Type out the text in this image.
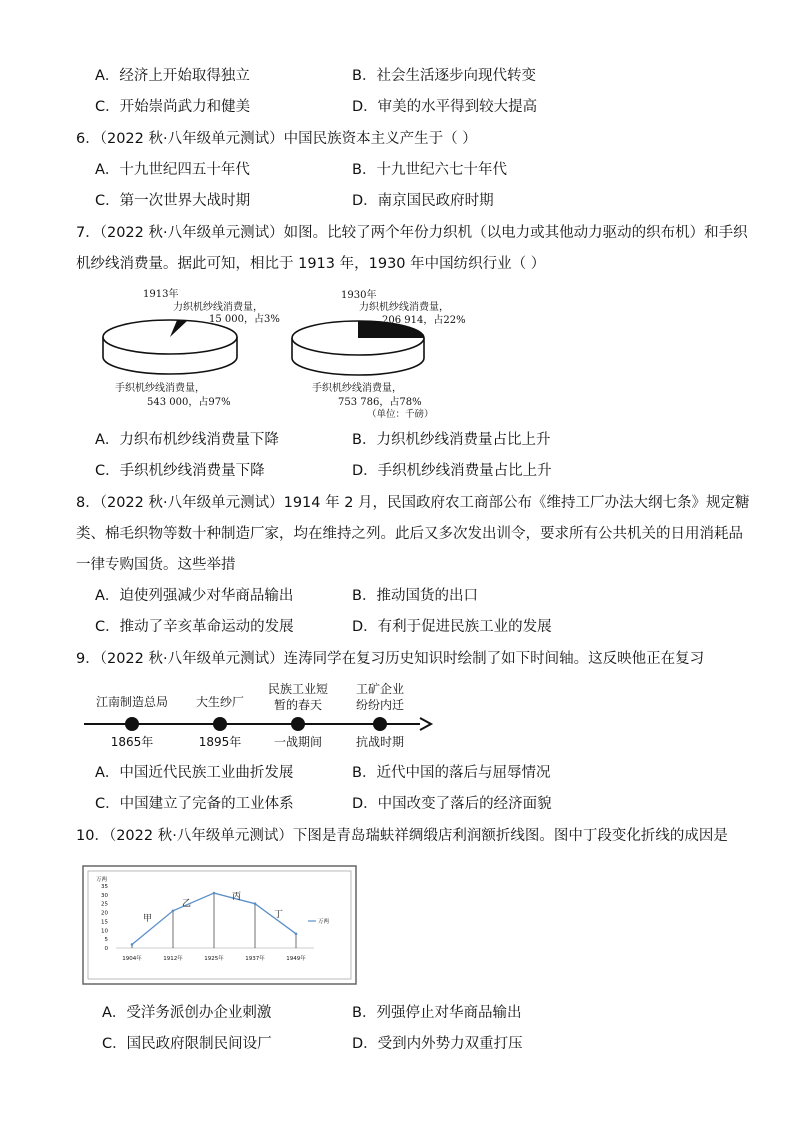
A．经济上开始取得独立	B．社会生活逐步向现代转变
C．开始崇尚武力和健美	D．审美的水平得到较大提高
6．（2022 秋·八年级单元测试）中国民族资本主义产生于（ ）
A．十九世纪四五十年代	B．十九世纪六七十年代
C．第一次世界大战时期	D．南京国民政府时期
7．（2022 秋·八年级单元测试）如图。比较了两个年份力织机（以电力或其他动力驱动的织布机）和手织
机纱线消费量。据此可知，相比于 1913 年，1930 年中国纺织行业（ ）
1913年
力织机纱线消费量，
15 000，占3%
手织机纱线消费量，
543 000，占97%
1930年
力织机纱线消费量，
206 914，占22%
手织机纱线消费量，
753 786，占78%
（单位：千磅）
A．力织布机纱线消费量下降	B．力织机纱线消费量占比上升
C．手织机纱线消费量下降	D．手织机纱线消费量占比上升
8．（2022 秋·八年级单元测试）1914 年 2 月，民国政府农工商部公布《维持工厂办法大纲七条》规定糖
类、棉毛织物等数十种制造厂家，均在维持之列。此后又多次发出训令，要求所有公共机关的日用消耗品
一律专购国货。这些举措
A．迫使列强减少对华商品输出	B．推动国货的出口
C．推动了辛亥革命运动的发展	D．有利于促进民族工业的发展
9．（2022 秋·八年级单元测试）连涛同学在复习历史知识时绘制了如下时间轴。这反映他正在复习
江南制造总局
1865年
大生纱厂
1895年
民族工业短
暂的春天
一战期间
工矿企业
纷纷内迁
抗战时期
A．中国近代民族工业曲折发展	B．近代中国的落后与屈辱情况
C．中国建立了完备的工业体系	D．中国改变了落后的经济面貌
10．（2022 秋·八年级单元测试）下图是青岛瑞蚨祥绸缎店利润额折线图。图中丁段变化折线的成因是
万两
0
5
10
15
20
25
30
35
1904年	1912年	1925年	1937年	1949年
甲
乙
丙
丁
万两
A．受洋务派创办企业刺激	B．列强停止对华商品输出
C．国民政府限制民间设厂	D．受到内外势力双重打压
